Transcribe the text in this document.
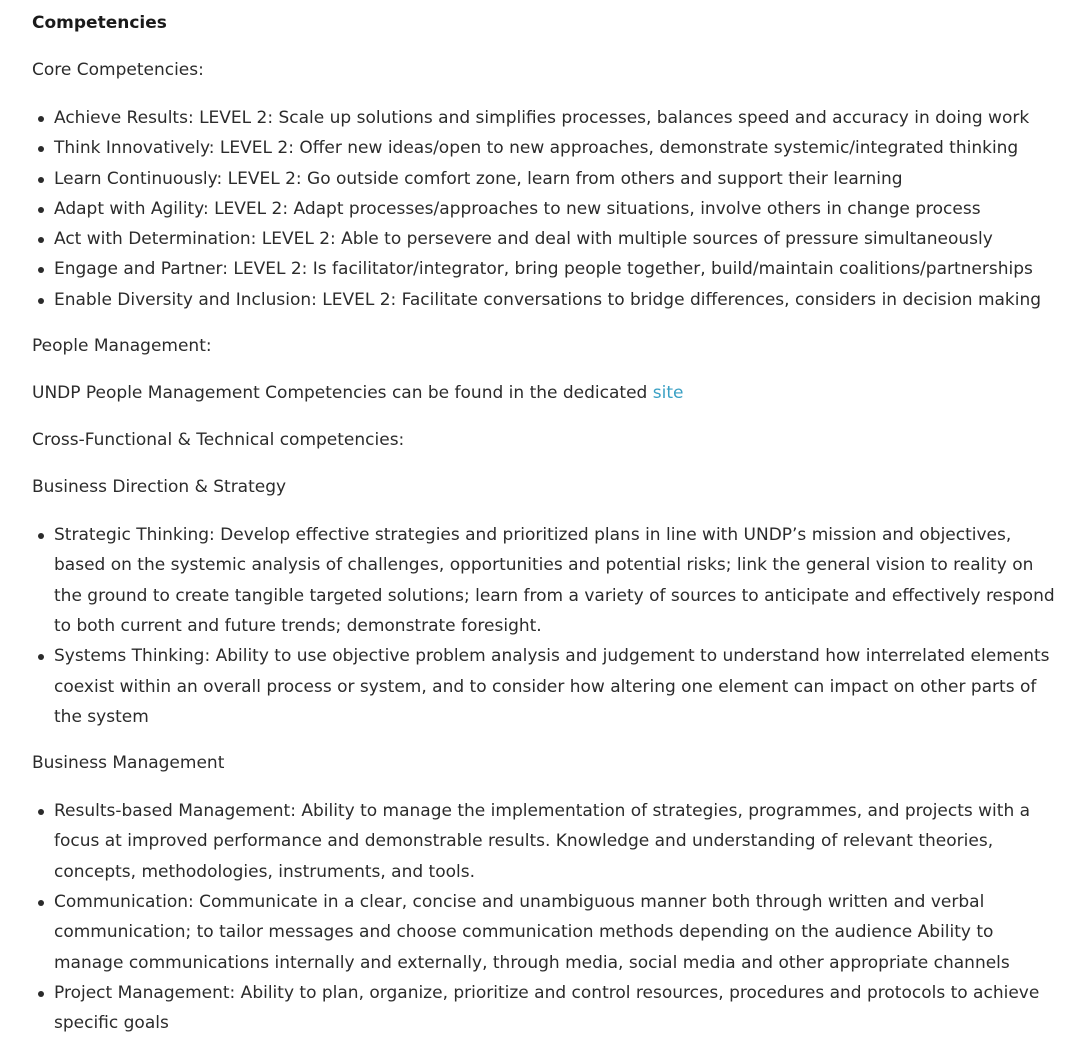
Competencies

Core Competencies:

Achieve Results: LEVEL 2: Scale up solutions and simplifies processes, balances speed and accuracy in doing work
Think Innovatively: LEVEL 2: Offer new ideas/open to new approaches, demonstrate systemic/integrated thinking
Learn Continuously: LEVEL 2: Go outside comfort zone, learn from others and support their learning
Adapt with Agility: LEVEL 2: Adapt processes/approaches to new situations, involve others in change process
Act with Determination: LEVEL 2: Able to persevere and deal with multiple sources of pressure simultaneously
Engage and Partner: LEVEL 2: Is facilitator/integrator, bring people together, build/maintain coalitions/partnerships
Enable Diversity and Inclusion: LEVEL 2: Facilitate conversations to bridge differences, considers in decision making

People Management:

UNDP People Management Competencies can be found in the dedicated site

Cross-Functional & Technical competencies:

Business Direction & Strategy

Strategic Thinking: Develop effective strategies and prioritized plans in line with UNDP’s mission and objectives, based on the systemic analysis of challenges, opportunities and potential risks; link the general vision to reality on the ground to create tangible targeted solutions; learn from a variety of sources to anticipate and effectively respond to both current and future trends; demonstrate foresight.
Systems Thinking: Ability to use objective problem analysis and judgement to understand how interrelated elements coexist within an overall process or system, and to consider how altering one element can impact on other parts of the system

Business Management

Results-based Management: Ability to manage the implementation of strategies, programmes, and projects with a focus at improved performance and demonstrable results. Knowledge and understanding of relevant theories, concepts, methodologies, instruments, and tools.
Communication: Communicate in a clear, concise and unambiguous manner both through written and verbal communication; to tailor messages and choose communication methods depending on the audience Ability to manage communications internally and externally, through media, social media and other appropriate channels
Project Management: Ability to plan, organize, prioritize and control resources, procedures and protocols to achieve specific goals
